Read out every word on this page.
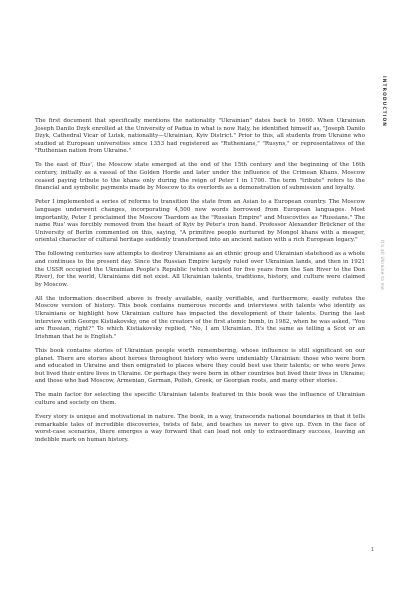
INTRODUCTION
It's all Ukraine to me

The first document that specifically mentions the nationality "Ukrainian" dates back to 1660. When Ukrainian Joseph Danilo Dzyk enrolled at the University of Padua in what is now Italy, he identified himself as, "Joseph Danilo Dzyk, Cathedral Vicar of Lutsk, nationality—Ukrainian, Kyiv District." Prior to this, all students from Ukraine who studied at European universities since 1353 had registered as "Ruthenians," "Rusyns," or representatives of the "Ruthenian nation from Ukraine."

To the east of Rus', the Moscow state emerged at the end of the 15th century and the beginning of the 16th century, initially as a vassal of the Golden Horde and later under the influence of the Crimean Khans. Moscow ceased paying tribute to the khans only during the reign of Peter I in 1700. The term "tribute" refers to the financial and symbolic payments made by Moscow to its overlords as a demonstration of submission and loyalty.

Peter I implemented a series of reforms to transition the state from an Asian to a European country. The Moscow language underwent changes, incorporating 4,500 new words borrowed from European languages. Most importantly, Peter I proclaimed the Moscow Tsardom as the "Russian Empire" and Muscovites as "Russians." The name Rus' was forcibly removed from the heart of Kyiv by Peter's iron hand. Professor Alexander Brückner of the University of Berlin commented on this, saying, "A primitive people nurtured by Mongol khans with a meager, oriental character of cultural heritage suddenly transformed into an ancient nation with a rich European legacy."

The following centuries saw attempts to destroy Ukrainians as an ethnic group and Ukrainian statehood as a whole and continues to the present day. Since the Russian Empire largely ruled over Ukrainian lands, and then in 1921 the USSR occupied the Ukrainian People's Republic (which existed for five years from the San River to the Don River), for the world, Ukrainians did not exist. All Ukrainian talents, traditions, history, and culture were claimed by Moscow.

All the information described above is freely available, easily verifiable, and furthermore, easily refutes the Moscow version of history. This book contains numerous records and interviews with talents who identify as Ukrainians or highlight how Ukrainian culture has impacted the development of their talents. During the last interview with George Kistiakovsky, one of the creators of the first atomic bomb, in 1982, when he was asked, "You are Russian, right?" To which Kistiakovsky replied, "No, I am Ukrainian. It's the same as telling a Scot or an Irishman that he is English."

This book contains stories of Ukrainian people worth remembering, whose influence is still significant on our planet. There are stories about heroes throughout history who were undeniably Ukrainian: those who were born and educated in Ukraine and then emigrated to places where they could best use their talents; or who were Jews but lived their entire lives in Ukraine. Or perhaps they were born in other countries but lived their lives in Ukraine; and those who had Moscow, Armenian, German, Polish, Greek, or Georgian roots, and many other stories.

The main factor for selecting the specific Ukrainian talents featured in this book was the influence of Ukrainian culture and society on them.

Every story is unique and motivational in nature. The book, in a way, transcends national boundaries in that it tells remarkable tales of incredible discoveries, twists of fate, and teaches us never to give up. Even in the face of worst-case scenarios, there emerges a way forward that can lead not only to extraordinary success, leaving an indelible mark on human history.

1
